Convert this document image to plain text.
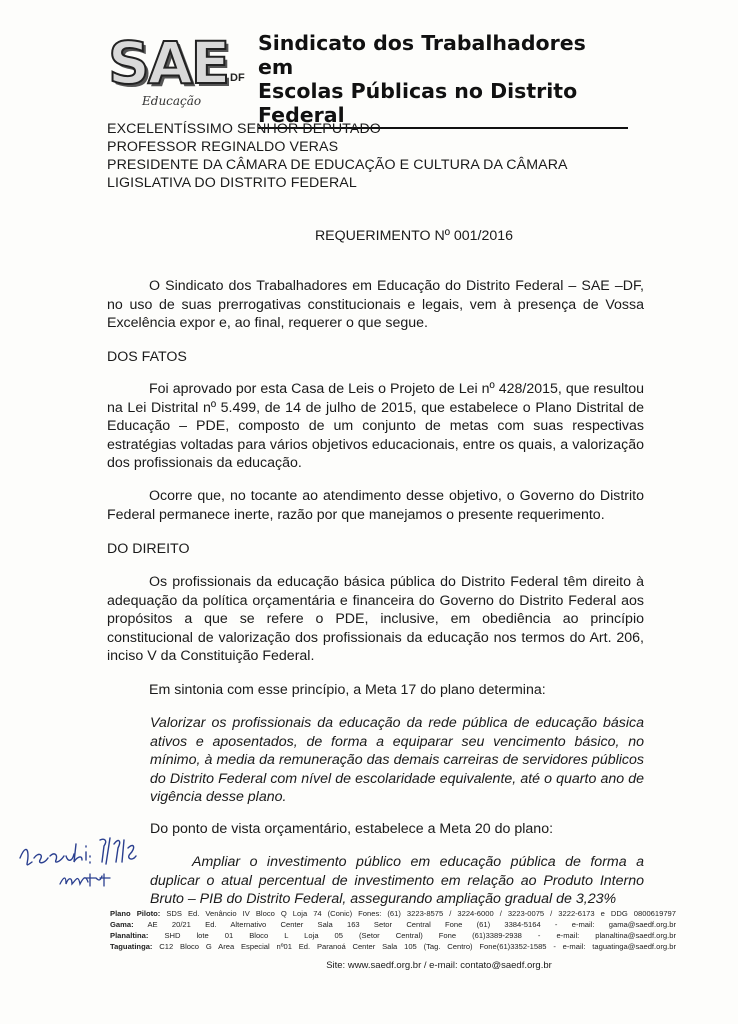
SAE DF
Educação
Sindicato dos Trabalhadores em
Escolas Públicas no Distrito Federal
EXCELENTÍSSIMO SENHOR DEPUTADO
PROFESSOR REGINALDO VERAS
PRESIDENTE DA CÂMARA DE EDUCAÇÃO E CULTURA DA CÂMARA
LIGISLATIVA DO DISTRITO FEDERAL
REQUERIMENTO Nº 001/2016

O Sindicato dos Trabalhadores em Educação do Distrito Federal – SAE –DF, no uso de suas prerrogativas constitucionais e legais, vem à presença de Vossa Excelência expor e, ao final, requerer o que segue.

DOS FATOS

Foi aprovado por esta Casa de Leis o Projeto de Lei nº 428/2015, que resultou na Lei Distrital nº 5.499, de 14 de julho de 2015, que estabelece o Plano Distrital de Educação – PDE, composto de um conjunto de metas com suas respectivas estratégias voltadas para vários objetivos educacionais, entre os quais, a valorização dos profissionais da educação.

Ocorre que, no tocante ao atendimento desse objetivo, o Governo do Distrito Federal permanece inerte, razão por que manejamos o presente requerimento.

DO DIREITO

Os profissionais da educação básica pública do Distrito Federal têm direito à adequação da política orçamentária e financeira do Governo do Distrito Federal aos propósitos a que se refere o PDE, inclusive, em obediência ao princípio constitucional de valorização dos profissionais da educação nos termos do Art. 206, inciso V da Constituição Federal.

Em sintonia com esse princípio, a Meta 17 do plano determina:

Valorizar os profissionais da educação da rede pública de educação básica ativos e aposentados, de forma a equiparar seu vencimento básico, no mínimo, à media da remuneração das demais carreiras de servidores públicos do Distrito Federal com nível de escolaridade equivalente, até o quarto ano de vigência desse plano.

Do ponto de vista orçamentário, estabelece a Meta 20 do plano:

Ampliar o investimento público em educação pública de forma a duplicar o atual percentual de investimento em relação ao Produto Interno Bruto – PIB do Distrito Federal, assegurando ampliação gradual de 3,23%

Plano Piloto: SDS Ed. Venâncio IV Bloco Q Loja 74 (Conic) Fones: (61) 3223-8575 / 3224-6000 / 3223-0075 / 3222-6173 e DDG 0800619797
Gama: AE 20/21 Ed. Alternativo Center Sala 163 Setor Central Fone (61) 3384-5164 - e-mail: gama@saedf.org.br
Planaltina: SHD lote 01 Bloco L Loja 05 (Setor Central) Fone (61)3389-2938 - e-mail: planaltina@saedf.org.br
Taguatinga: C12 Bloco G Area Especial nº01 Ed. Paranoá Center Sala 105 (Tag. Centro) Fone(61)3352-1585 - e-mail: taguatinga@saedf.org.br
Site: www.saedf.org.br / e-mail: contato@saedf.org.br
